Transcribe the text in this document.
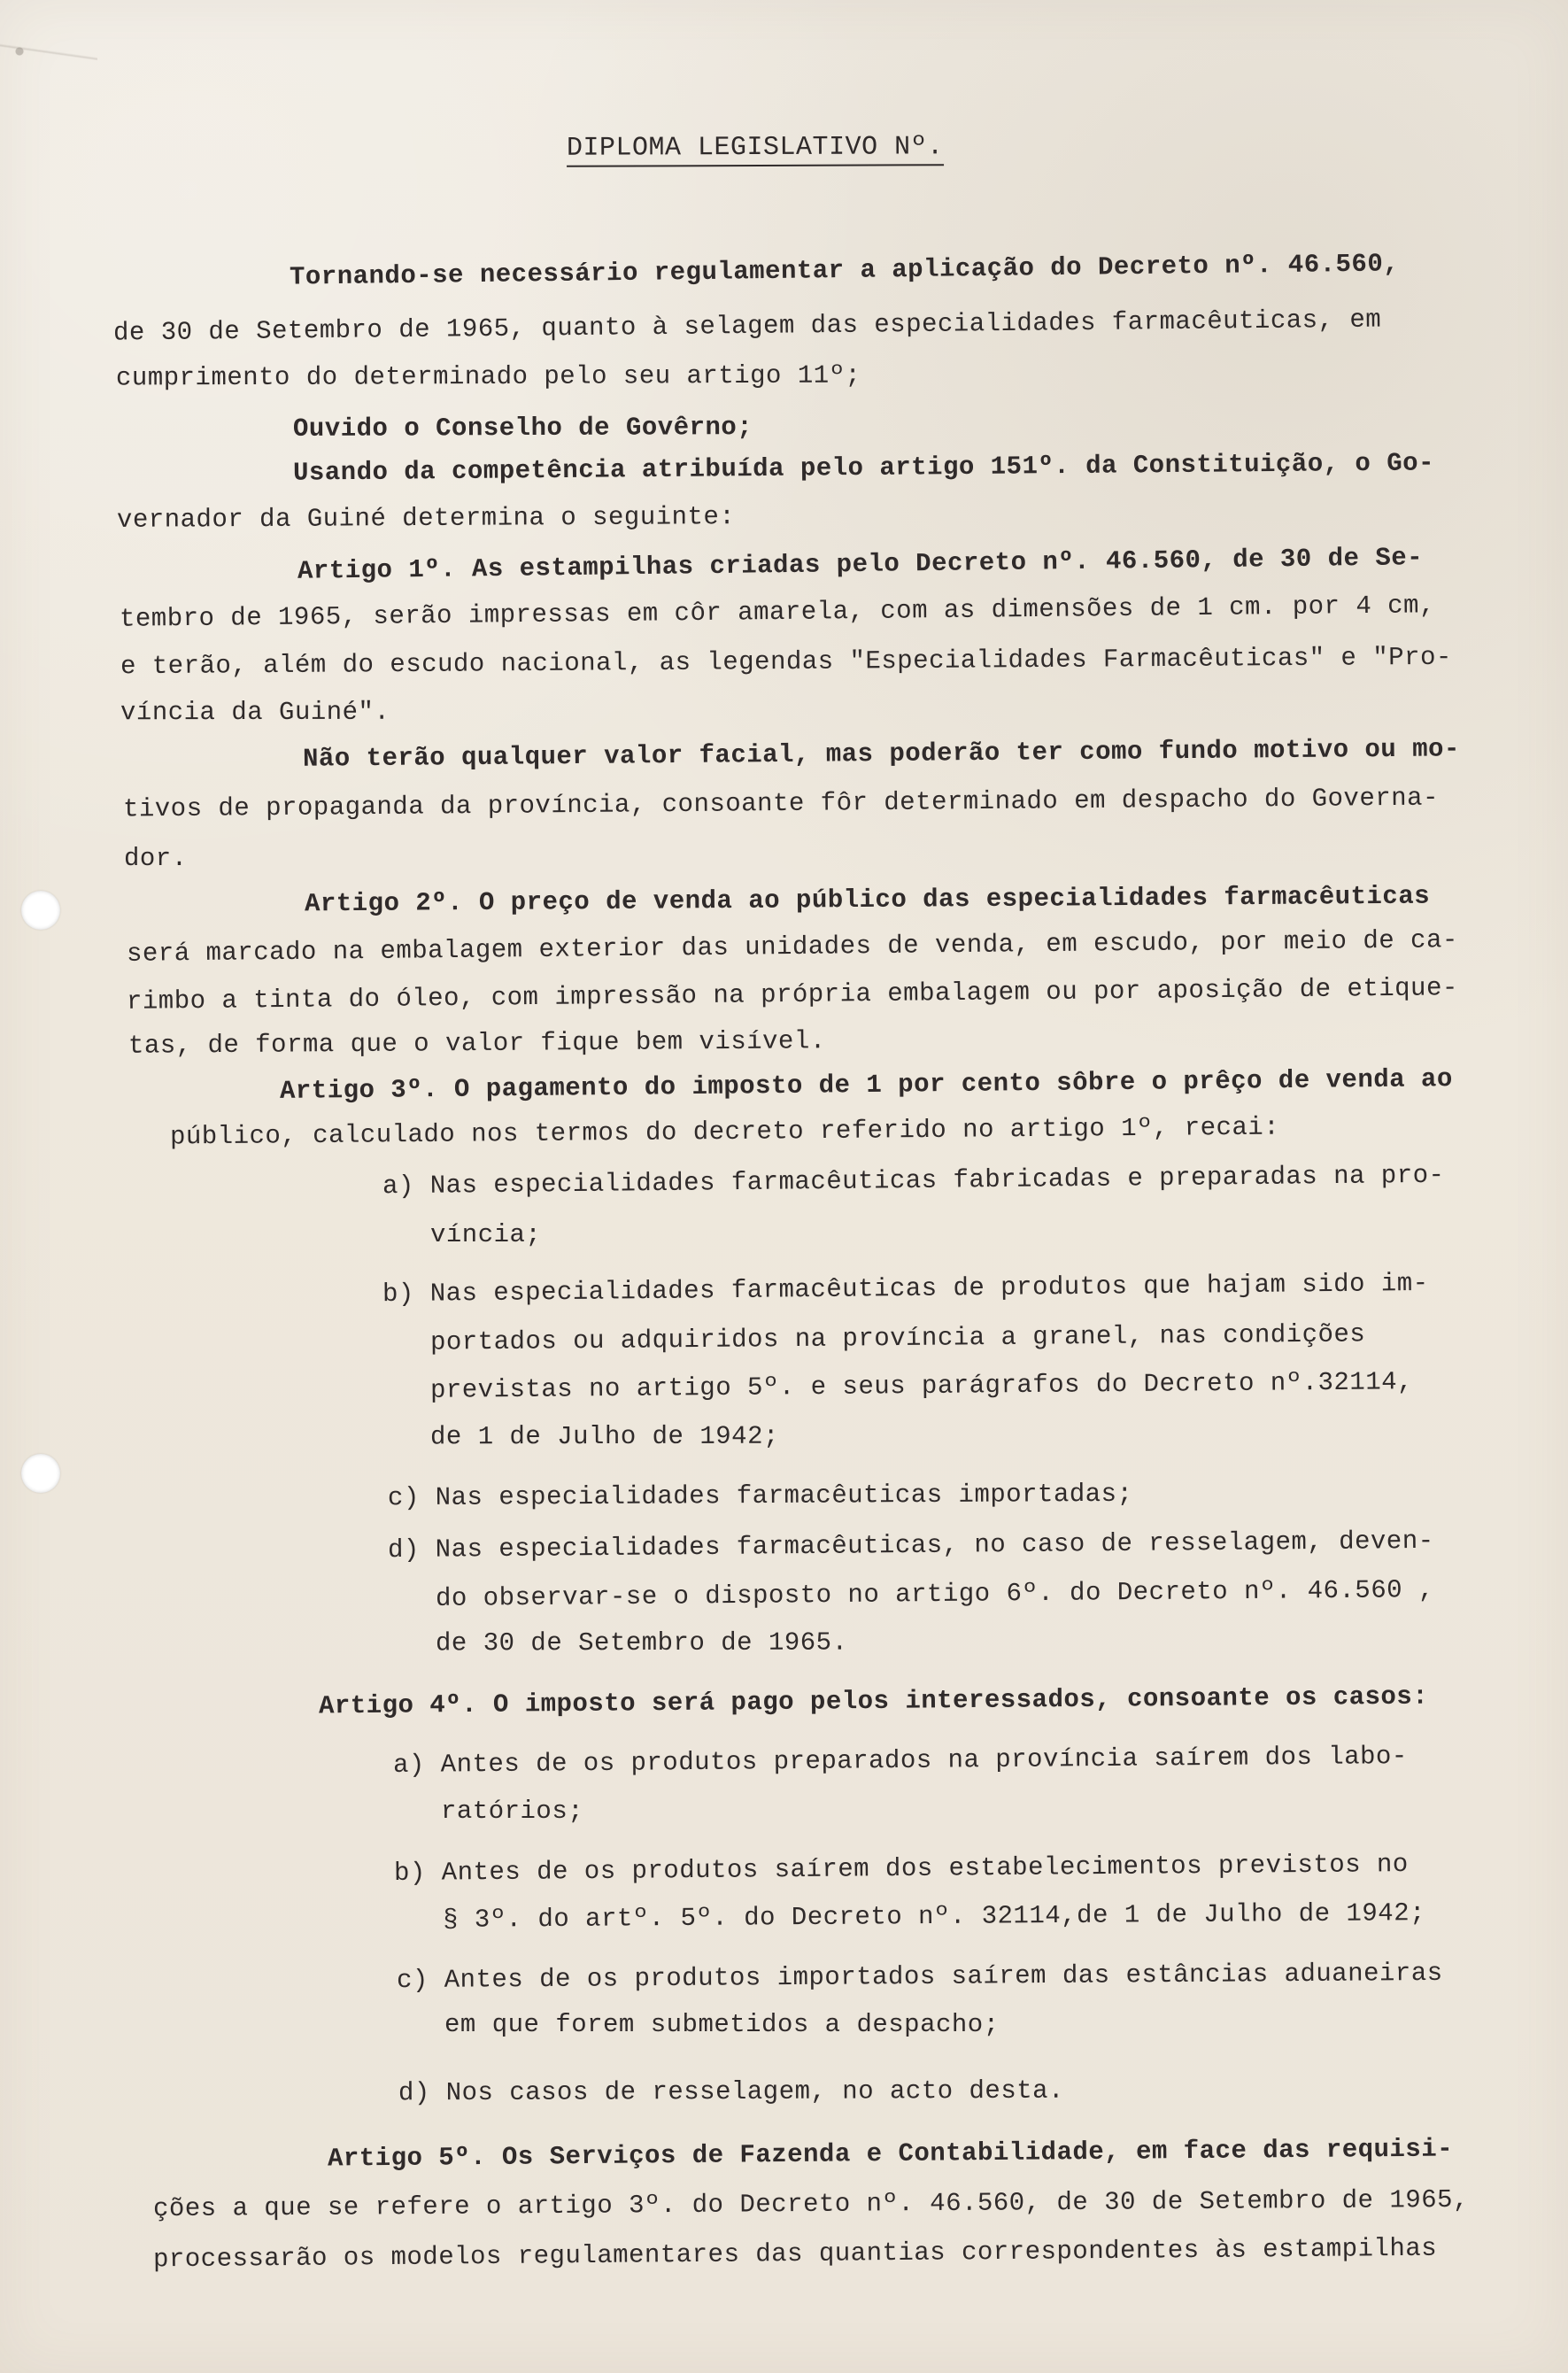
DIPLOMA LEGISLATIVO Nº.
Tornando-se necessário regulamentar a aplicação do Decreto nº. 46.560,
de 30 de Setembro de 1965, quanto à selagem das especialidades farmacêuticas, em
cumprimento do determinado pelo seu artigo 11º;
Ouvido o Conselho de Govêrno;
Usando da competência atribuída pelo artigo 151º. da Constituição, o Go-
vernador da Guiné determina o seguinte:
Artigo 1º. As estampilhas criadas pelo Decreto nº. 46.560, de 30 de Se-
tembro de 1965, serão impressas em côr amarela, com as dimensões de 1 cm. por 4 cm,
e terão, além do escudo nacional, as legendas "Especialidades Farmacêuticas" e "Pro-
víncia da Guiné".
Não terão qualquer valor facial, mas poderão ter como fundo motivo ou mo-
tivos de propaganda da província, consoante fôr determinado em despacho do Governa-
dor.
Artigo 2º. O preço de venda ao público das especialidades farmacêuticas
será marcado na embalagem exterior das unidades de venda, em escudo, por meio de ca-
rimbo a tinta do óleo, com impressão na própria embalagem ou por aposição de etique-
tas, de forma que o valor fique bem visível.
Artigo 3º. O pagamento do imposto de 1 por cento sôbre o prêço de venda ao
público, calculado nos termos do decreto referido no artigo 1º, recai:
a) Nas especialidades farmacêuticas fabricadas e preparadas na pro-
víncia;
b) Nas especialidades farmacêuticas de produtos que hajam sido im-
portados ou adquiridos na província a granel, nas condições
previstas no artigo 5º. e seus parágrafos do Decreto nº.32114,
de 1 de Julho de 1942;
c) Nas especialidades farmacêuticas importadas;
d) Nas especialidades farmacêuticas, no caso de resselagem, deven-
do observar-se o disposto no artigo 6º. do Decreto nº. 46.560 ,
de 30 de Setembro de 1965.
Artigo 4º. O imposto será pago pelos interessados, consoante os casos:
a) Antes de os produtos preparados na província saírem dos labo-
ratórios;
b) Antes de os produtos saírem dos estabelecimentos previstos no
§ 3º. do artº. 5º. do Decreto nº. 32114,de 1 de Julho de 1942;
c) Antes de os produtos importados saírem das estâncias aduaneiras
em que forem submetidos a despacho;
d) Nos casos de resselagem, no acto desta.
Artigo 5º. Os Serviços de Fazenda e Contabilidade, em face das requisi-
ções a que se refere o artigo 3º. do Decreto nº. 46.560, de 30 de Setembro de 1965,
processarão os modelos regulamentares das quantias correspondentes às estampilhas
